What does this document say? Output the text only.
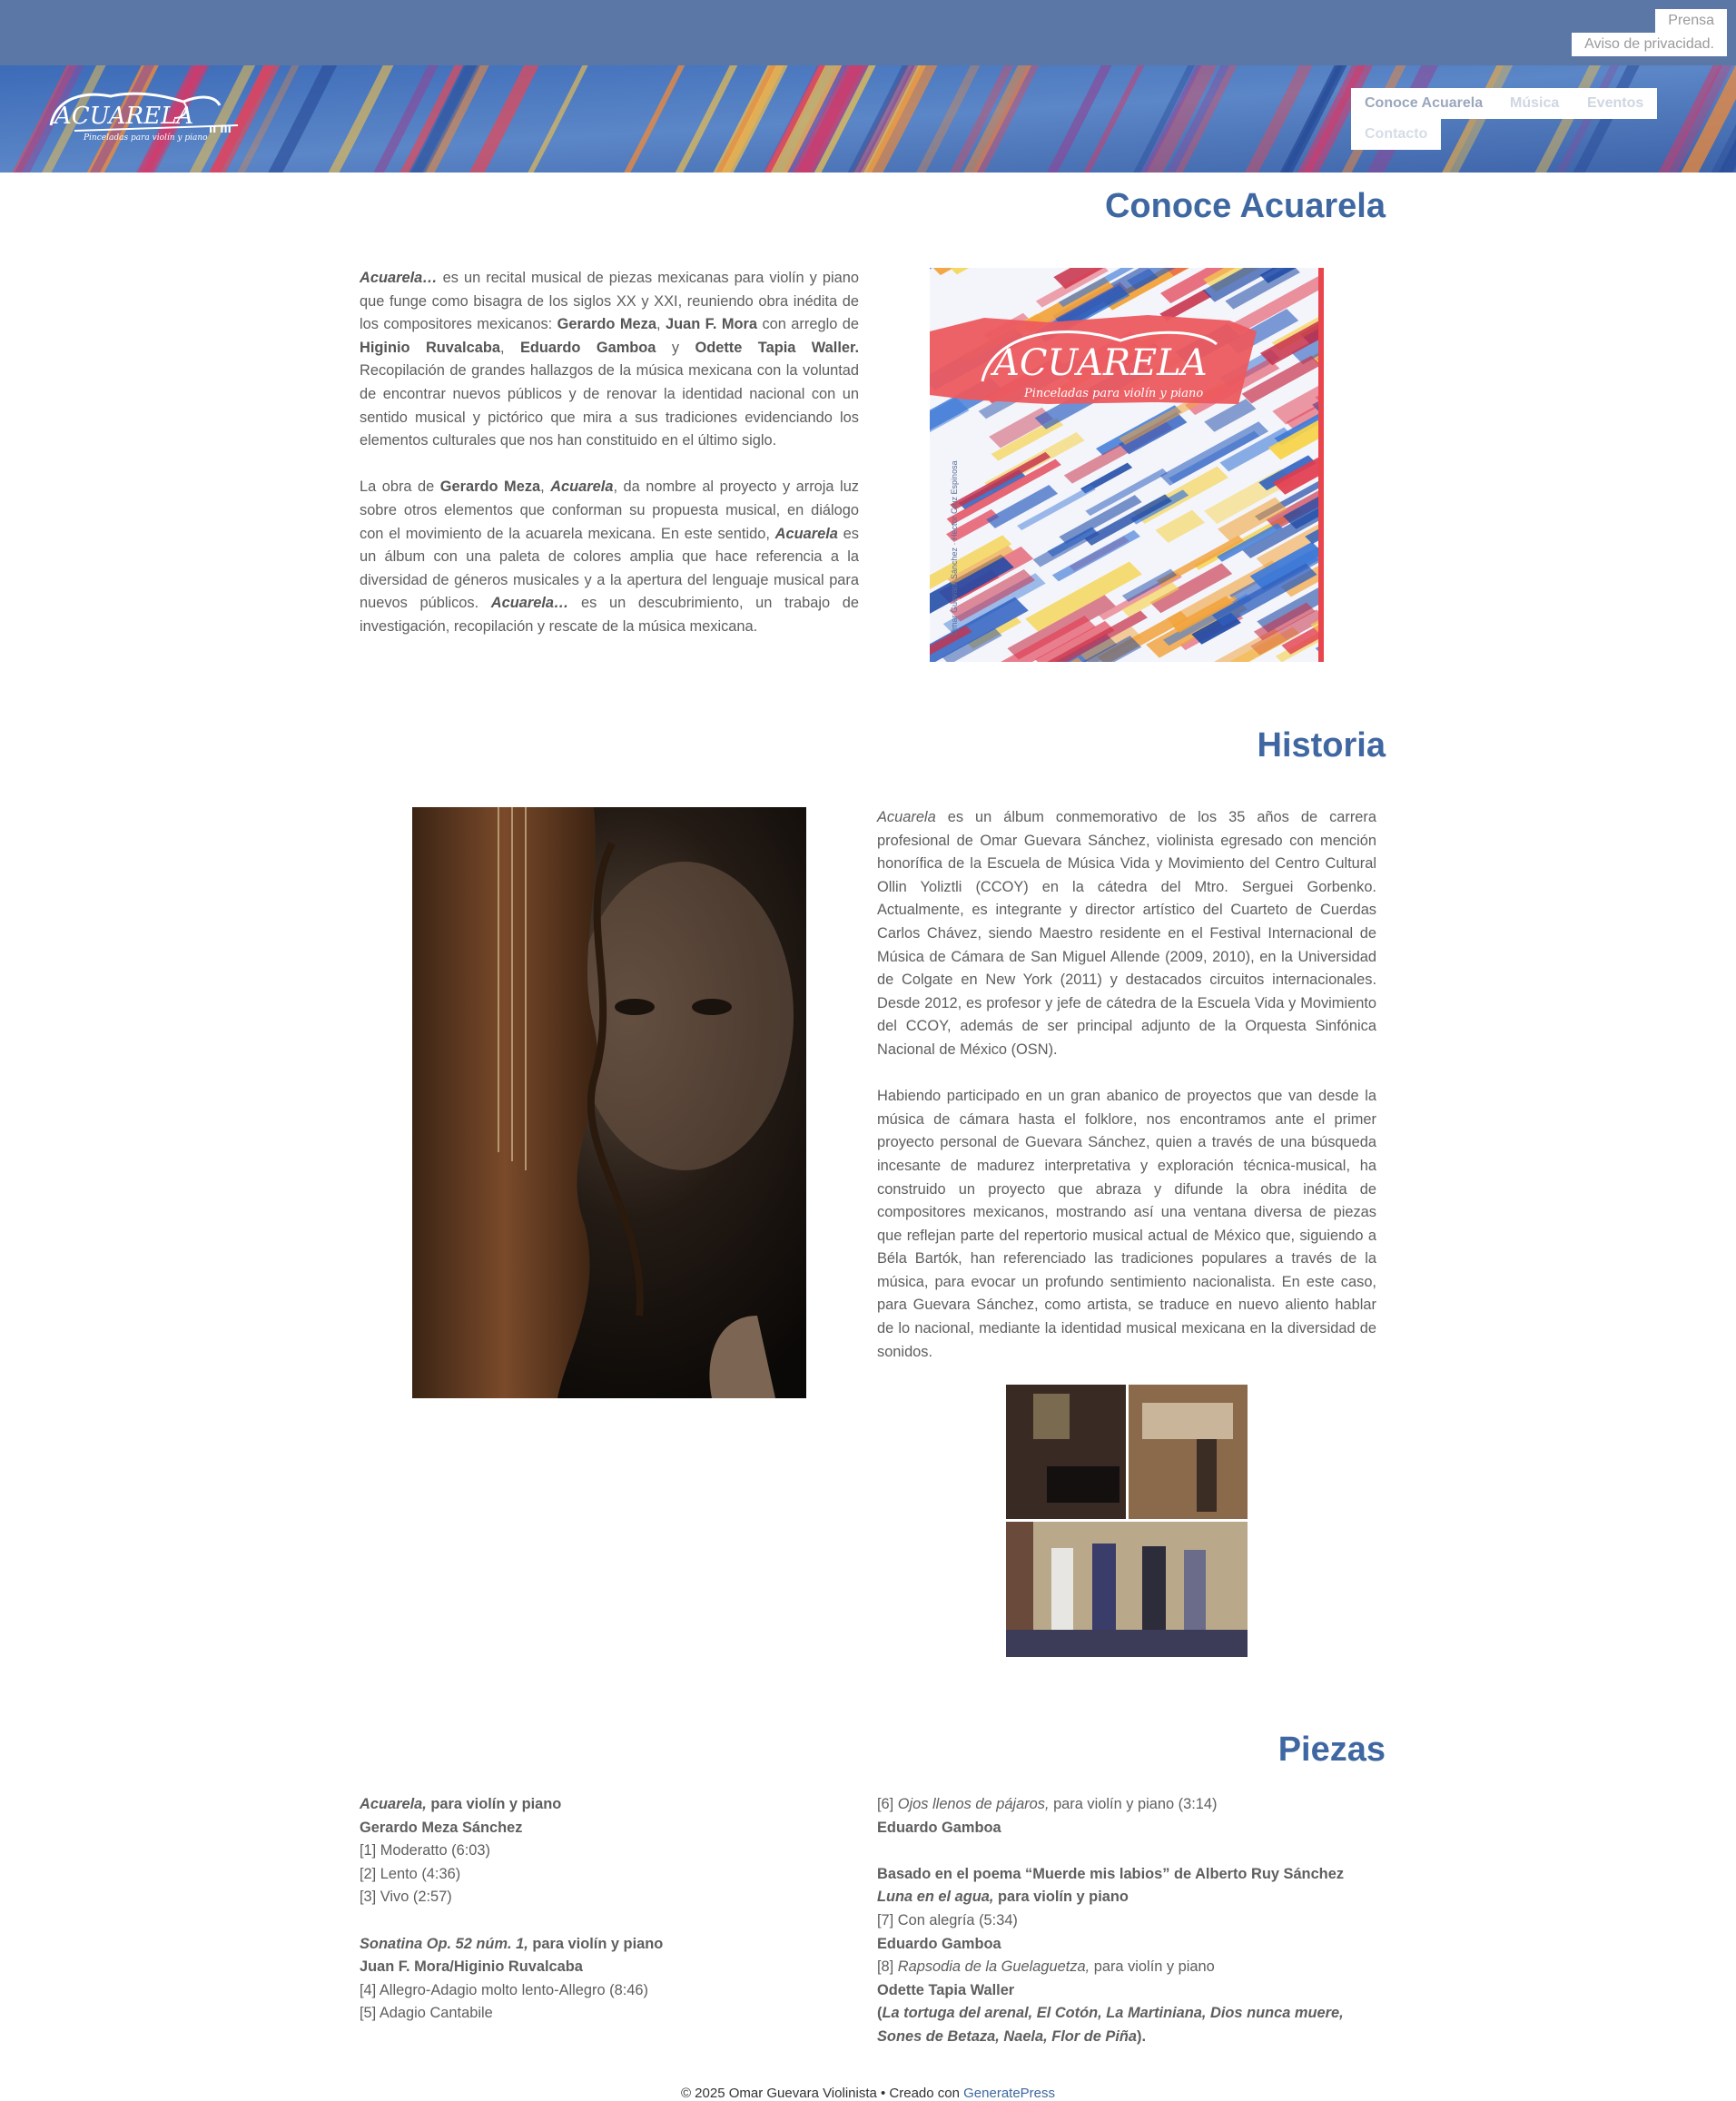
Prensa
Aviso de privacidad.
ACUARELA
Pinceladas para violín y piano
ıı ııı
Conoce Acuarela	Música	Eventos
Contacto
Conoce Acuarela

Acuarela… es un recital musical de piezas mexicanas para violín y piano que funge como bisagra de los siglos XX y XXI, reuniendo obra inédita de los compositores mexicanos: Gerardo Meza, Juan F. Mora con arreglo de Higinio Ruvalcaba, Eduardo Gamboa y Odette Tapia Waller. Recopilación de grandes hallazgos de la música mexicana con la voluntad de encontrar nuevos públicos y de renovar la identidad nacional con un sentido musical y pictórico que mira a sus tradiciones evidenciando los elementos culturales que nos han constituido en el último siglo.

La obra de Gerardo Meza, Acuarela, da nombre al proyecto y arroja luz sobre otros elementos que conforman su propuesta musical, en diálogo con el movimiento de la acuarela mexicana. En este sentido, Acuarela es un álbum con una paleta de colores amplia que hace referencia a la diversidad de géneros musicales y a la apertura del lenguaje musical para nuevos públicos. Acuarela… es un descubrimiento, un trabajo de investigación, recopilación y rescate de la música mexicana.

ACUARELA
Pinceladas para violín y piano
Omar Guevara Sánchez · Héctor Cruz Espinosa
Historia

Acuarela es un álbum conmemorativo de los 35 años de carrera profesional de Omar Guevara Sánchez, violinista egresado con mención honorífica de la Escuela de Música Vida y Movimiento del Centro Cultural Ollin Yoliztli (CCOY) en la cátedra del Mtro. Serguei Gorbenko. Actualmente, es integrante y director artístico del Cuarteto de Cuerdas Carlos Chávez, siendo Maestro residente en el Festival Internacional de Música de Cámara de San Miguel Allende (2009, 2010), en la Universidad de Colgate en New York (2011) y destacados circuitos internacionales. Desde 2012, es profesor y jefe de cátedra de la Escuela Vida y Movimiento del CCOY, además de ser principal adjunto de la Orquesta Sinfónica Nacional de México (OSN).

Habiendo participado en un gran abanico de proyectos que van desde la música de cámara hasta el folklore, nos encontramos ante el primer proyecto personal de Guevara Sánchez, quien a través de una búsqueda incesante de madurez interpretativa y exploración técnica-musical, ha construido un proyecto que abraza y difunde la obra inédita de compositores mexicanos, mostrando así una ventana diversa de piezas que reflejan parte del repertorio musical actual de México que, siguiendo a Béla Bartók, han referenciado las tradiciones populares a través de la música, para evocar un profundo sentimiento nacionalista. En este caso, para Guevara Sánchez, como artista, se traduce en nuevo aliento hablar de lo nacional, mediante la identidad musical mexicana en la diversidad de sonidos.

Piezas
Acuarela, para violín y piano
Gerardo Meza Sánchez
[1] Moderatto (6:03)
[2] Lento (4:36)
[3] Vivo (2:57)
Sonatina Op. 52 núm. 1, para violín y piano
Juan F. Mora/Higinio Ruvalcaba
[4] Allegro-Adagio molto lento-Allegro (8:46)
[5] Adagio Cantabile
[6] Ojos llenos de pájaros, para violín y piano (3:14)
Eduardo Gamboa
Basado en el poema “Muerde mis labios” de Alberto Ruy Sánchez
Luna en el agua, para violín y piano
[7] Con alegría (5:34)
Eduardo Gamboa
[8] Rapsodia de la Guelaguetza, para violín y piano
Odette Tapia Waller
(La tortuga del arenal, El Cotón, La Martiniana, Dios nunca muere,
Sones de Betaza, Naela, Flor de Piña).
© 2025 Omar Guevara Violinista • Creado con GeneratePress
